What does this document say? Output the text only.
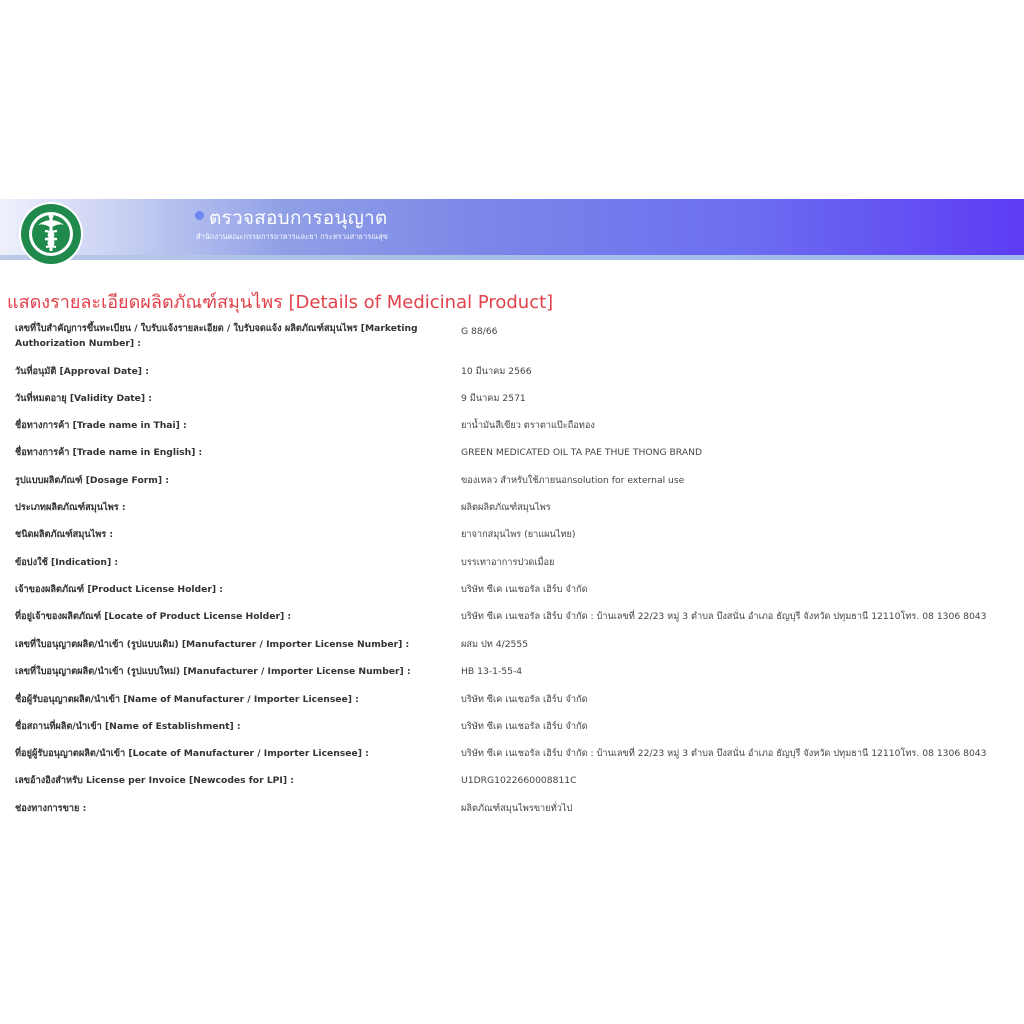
ตรวจสอบการอนุญาต
สำนักงานคณะกรรมการอาหารและยา กระทรวงสาธารณสุข
แสดงรายละเอียดผลิตภัณฑ์สมุนไพร [Details of Medicinal Product]
เลขที่ใบสำคัญการขึ้นทะเบียน / ใบรับแจ้งรายละเอียด / ใบรับจดแจ้ง ผลิตภัณฑ์สมุนไพร [Marketing Authorization Number] :
G 88/66
วันที่อนุมัติ [Approval Date] :	10 มีนาคม 2566
วันที่หมดอายุ [Validity Date] :	9 มีนาคม 2571
ชื่อทางการค้า [Trade name in Thai] :	ยาน้ำมันสีเขียว ตราตาแป๊ะถือทอง
ชื่อทางการค้า [Trade name in English] :	GREEN MEDICATED OIL TA PAE THUE THONG BRAND
รูปแบบผลิตภัณฑ์ [Dosage Form] :	ของเหลว สำหรับใช้ภายนอกsolution for external use
ประเภทผลิตภัณฑ์สมุนไพร :	ผลิตผลิตภัณฑ์สมุนไพร
ชนิดผลิตภัณฑ์สมุนไพร :	ยาจากสมุนไพร (ยาแผนไทย)
ข้อบ่งใช้ [Indication] :	บรรเทาอาการปวดเมื่อย
เจ้าของผลิตภัณฑ์ [Product License Holder] :	บริษัท ซีเค เนเชอรัล เฮิร์บ จำกัด
ที่อยู่เจ้าของผลิตภัณฑ์ [Locate of Product License Holder] :	บริษัท ซีเค เนเชอรัล เฮิร์บ จำกัด : บ้านเลขที่ 22/23 หมู่ 3 ตำบล บึงสนั่น อำเภอ ธัญบุรี จังหวัด ปทุมธานี 12110โทร. 08 1306 8043
เลขที่ใบอนุญาตผลิต/นำเข้า (รูปแบบเดิม) [Manufacturer / Importer License Number] :	ผสม ปท 4/2555
เลขที่ใบอนุญาตผลิต/นำเข้า (รูปแบบใหม่) [Manufacturer / Importer License Number] :	HB 13-1-55-4
ชื่อผู้รับอนุญาตผลิต/นำเข้า [Name of Manufacturer / Importer Licensee] :	บริษัท ซีเค เนเชอรัล เฮิร์บ จำกัด
ชื่อสถานที่ผลิต/นำเข้า [Name of Establishment] :	บริษัท ซีเค เนเชอรัล เฮิร์บ จำกัด
ที่อยู่ผู้รับอนุญาตผลิต/นำเข้า [Locate of Manufacturer / Importer Licensee] :	บริษัท ซีเค เนเชอรัล เฮิร์บ จำกัด : บ้านเลขที่ 22/23 หมู่ 3 ตำบล บึงสนั่น อำเภอ ธัญบุรี จังหวัด ปทุมธานี 12110โทร. 08 1306 8043
เลขอ้างอิงสำหรับ License per Invoice [Newcodes for LPI] :	U1DRG1022660008811C
ช่องทางการขาย :	ผลิตภัณฑ์สมุนไพรขายทั่วไป
